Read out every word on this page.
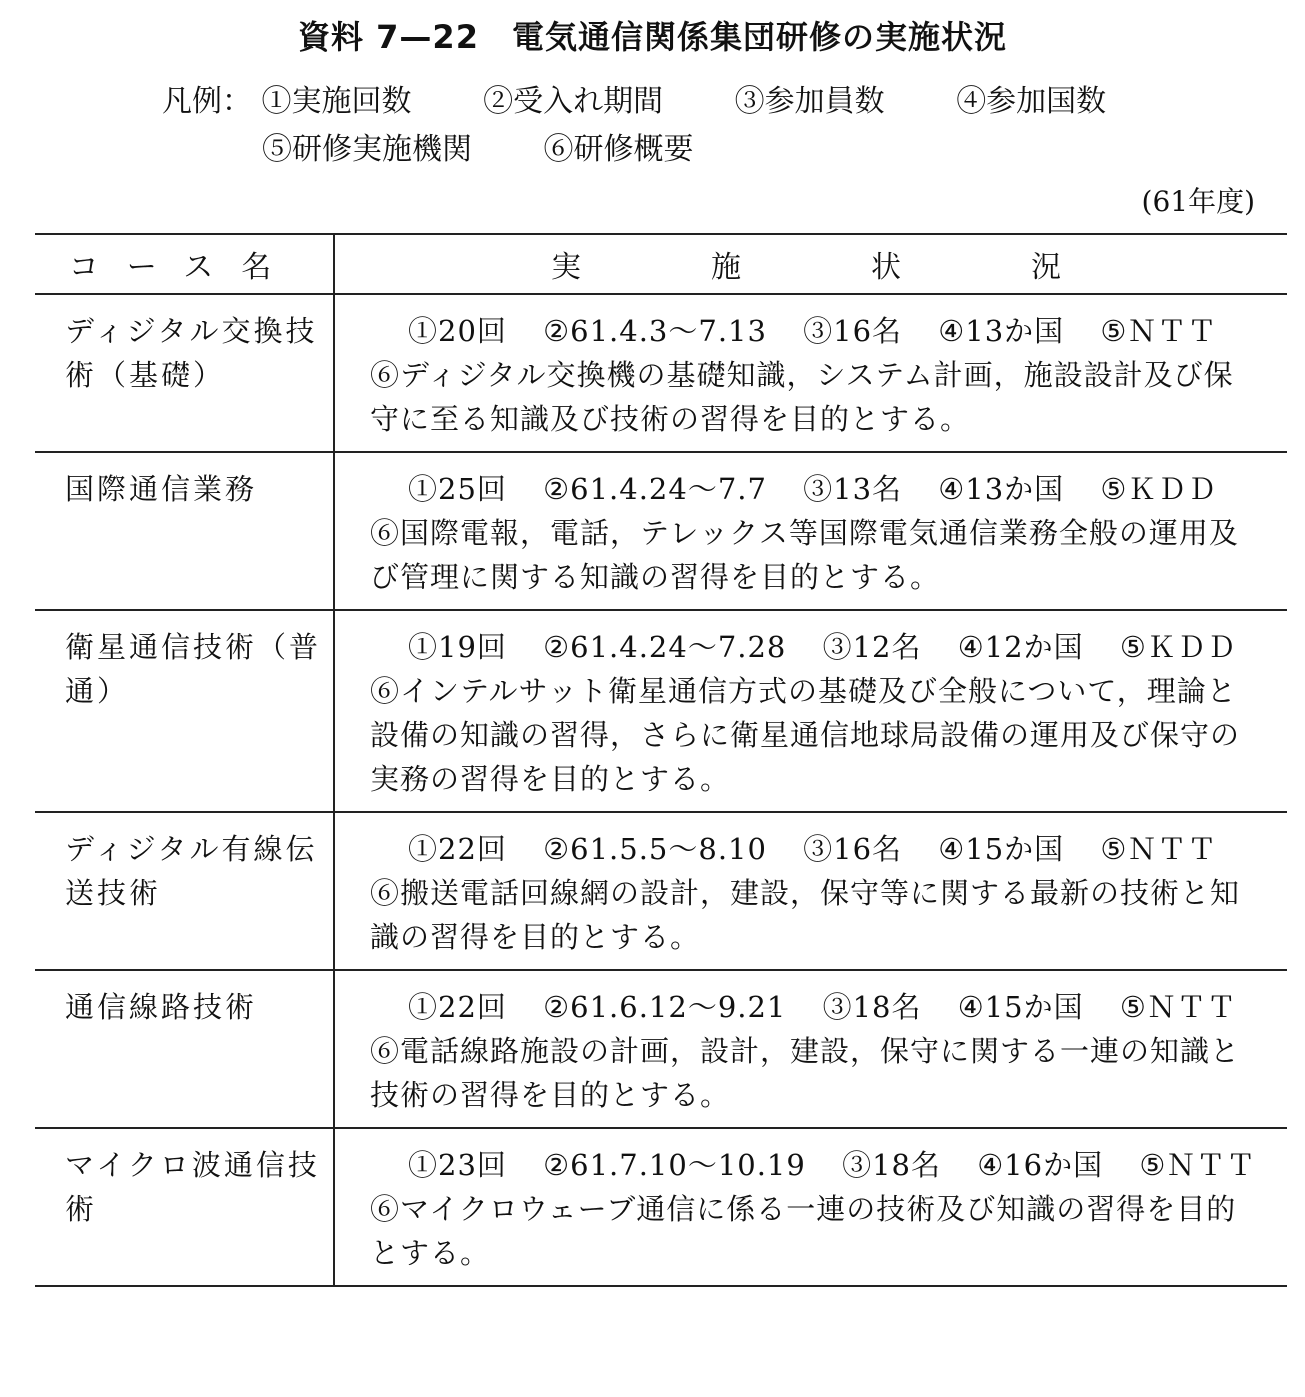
資料 7—22　電気通信関係集団研修の実施状況
凡例： ①実施回数 ②受入れ期間 ③参加員数 ④参加国数
⑤研修実施機関 ⑥研修概要
(61年度)
コース名	実施状況
ディジタル交換技術（基礎）	①20回 ②61.4.3～7.13 ③16名 ④13か国 ⑤ＮＴＴ
⑥ディジタル交換機の基礎知識，システム計画，施設設計及び保守に至る知識及び技術の習得を目的とする。

国際通信業務	①25回 ②61.4.24～7.7 ③13名 ④13か国 ⑤ＫＤＤ
⑥国際電報，電話，テレックス等国際電気通信業務全般の運用及び管理に関する知識の習得を目的とする。

衛星通信技術（普通）	①19回 ②61.4.24～7.28 ③12名 ④12か国 ⑤ＫＤＤ
⑥インテルサット衛星通信方式の基礎及び全般について，理論と設備の知識の習得，さらに衛星通信地球局設備の運用及び保守の実務の習得を目的とする。

ディジタル有線伝送技術	①22回 ②61.5.5～8.10 ③16名 ④15か国 ⑤ＮＴＴ
⑥搬送電話回線網の設計，建設，保守等に関する最新の技術と知識の習得を目的とする。

通信線路技術	①22回 ②61.6.12～9.21 ③18名 ④15か国 ⑤ＮＴＴ
⑥電話線路施設の計画，設計，建設，保守に関する一連の知識と技術の習得を目的とする。

マイクロ波通信技術	①23回 ②61.7.10～10.19 ③18名 ④16か国 ⑤ＮＴＴ
⑥マイクロウェーブ通信に係る一連の技術及び知識の習得を目的とする。
